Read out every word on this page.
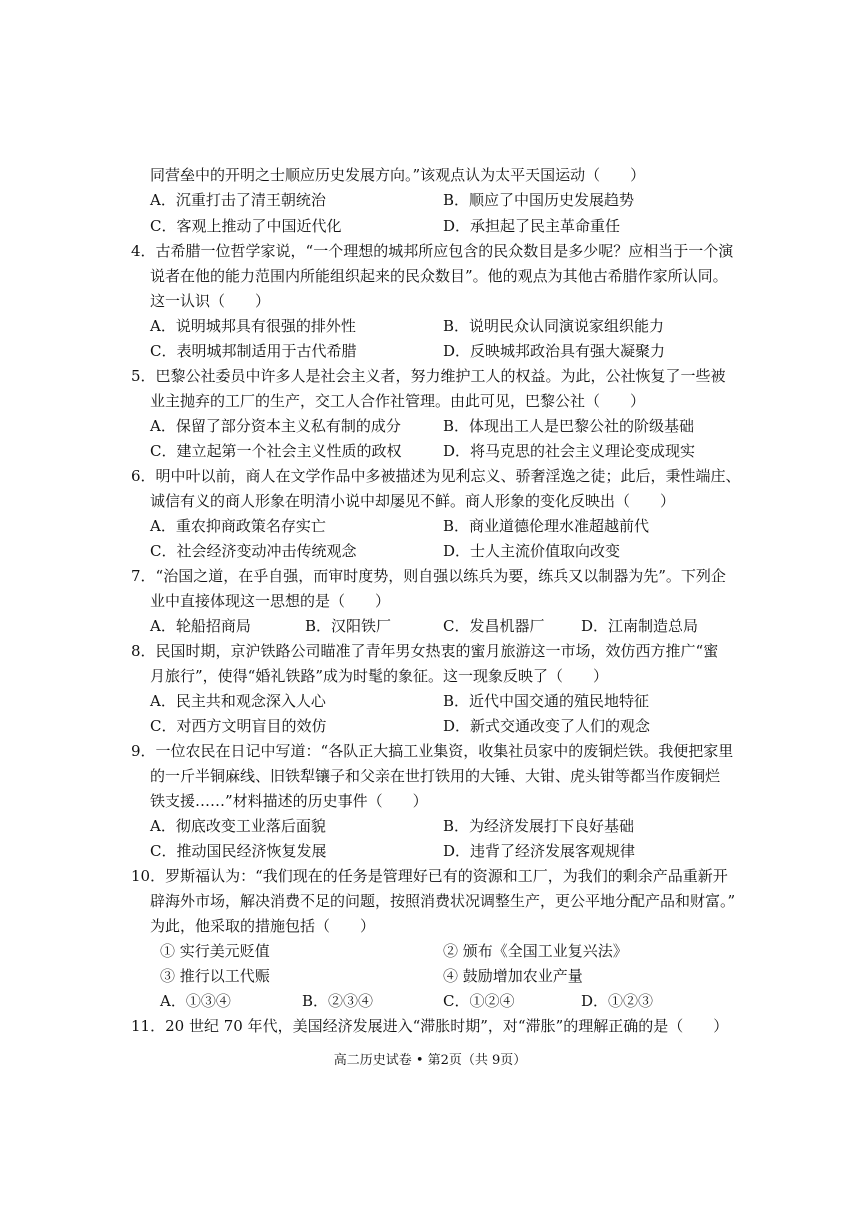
同营垒中的开明之士顺应历史发展方向。”该观点认为太平天国运动（　　）
A．沉重打击了清王朝统治	B．顺应了中国历史发展趋势
C．客观上推动了中国近代化	D．承担起了民主革命重任
4．古希腊一位哲学家说，“一个理想的城邦所应包含的民众数目是多少呢？应相当于一个演
说者在他的能力范围内所能组织起来的民众数目”。他的观点为其他古希腊作家所认同。
这一认识（　　）
A．说明城邦具有很强的排外性	B．说明民众认同演说家组织能力
C．表明城邦制适用于古代希腊	D．反映城邦政治具有强大凝聚力
5．巴黎公社委员中许多人是社会主义者，努力维护工人的权益。为此，公社恢复了一些被
业主抛弃的工厂的生产，交工人合作社管理。由此可见，巴黎公社（　　）
A．保留了部分资本主义私有制的成分	B．体现出工人是巴黎公社的阶级基础
C．建立起第一个社会主义性质的政权	D．将马克思的社会主义理论变成现实
6．明中叶以前，商人在文学作品中多被描述为见利忘义、骄奢淫逸之徒；此后，秉性端庄、
诚信有义的商人形象在明清小说中却屡见不鲜。商人形象的变化反映出（　　）
A．重农抑商政策名存实亡	B．商业道德伦理水准超越前代
C．社会经济变动冲击传统观念	D．士人主流价值取向改变
7．“治国之道，在乎自强，而审时度势，则自强以练兵为要，练兵又以制器为先”。下列企
业中直接体现这一思想的是（　　）
A．轮船招商局	B．汉阳铁厂	C．发昌机器厂 D．江南制造总局
8．民国时期，京沪铁路公司瞄准了青年男女热衷的蜜月旅游这一市场，效仿西方推广“蜜
月旅行”，使得“婚礼铁路”成为时髦的象征。这一现象反映了（　　）
A．民主共和观念深入人心	B．近代中国交通的殖民地特征
C．对西方文明盲目的效仿	D．新式交通改变了人们的观念
9．一位农民在日记中写道：“各队正大搞工业集资，收集社员家中的废铜烂铁。我便把家里
的一斤半铜麻线、旧铁犁镶子和父亲在世打铁用的大锤、大钳、虎头钳等都当作废铜烂
铁支援……”材料描述的历史事件（　　）
A．彻底改变工业落后面貌	B．为经济发展打下良好基础
C．推动国民经济恢复发展	D．违背了经济发展客观规律
10．罗斯福认为：“我们现在的任务是管理好已有的资源和工厂，为我们的剩余产品重新开
辟海外市场，解决消费不足的问题，按照消费状况调整生产，更公平地分配产品和财富。”
为此，他采取的措施包括（　　）
① 实行美元贬值	② 颁布《全国工业复兴法》
③ 推行以工代赈	④ 鼓励增加农业产量
A．①③④	B．②③④	C．①②④	D．①②③
11．20 世纪 70 年代，美国经济发展进入“滞胀时期”，对“滞胀”的理解正确的是（　　）
高二历史试卷 • 第2页（共 9页）
